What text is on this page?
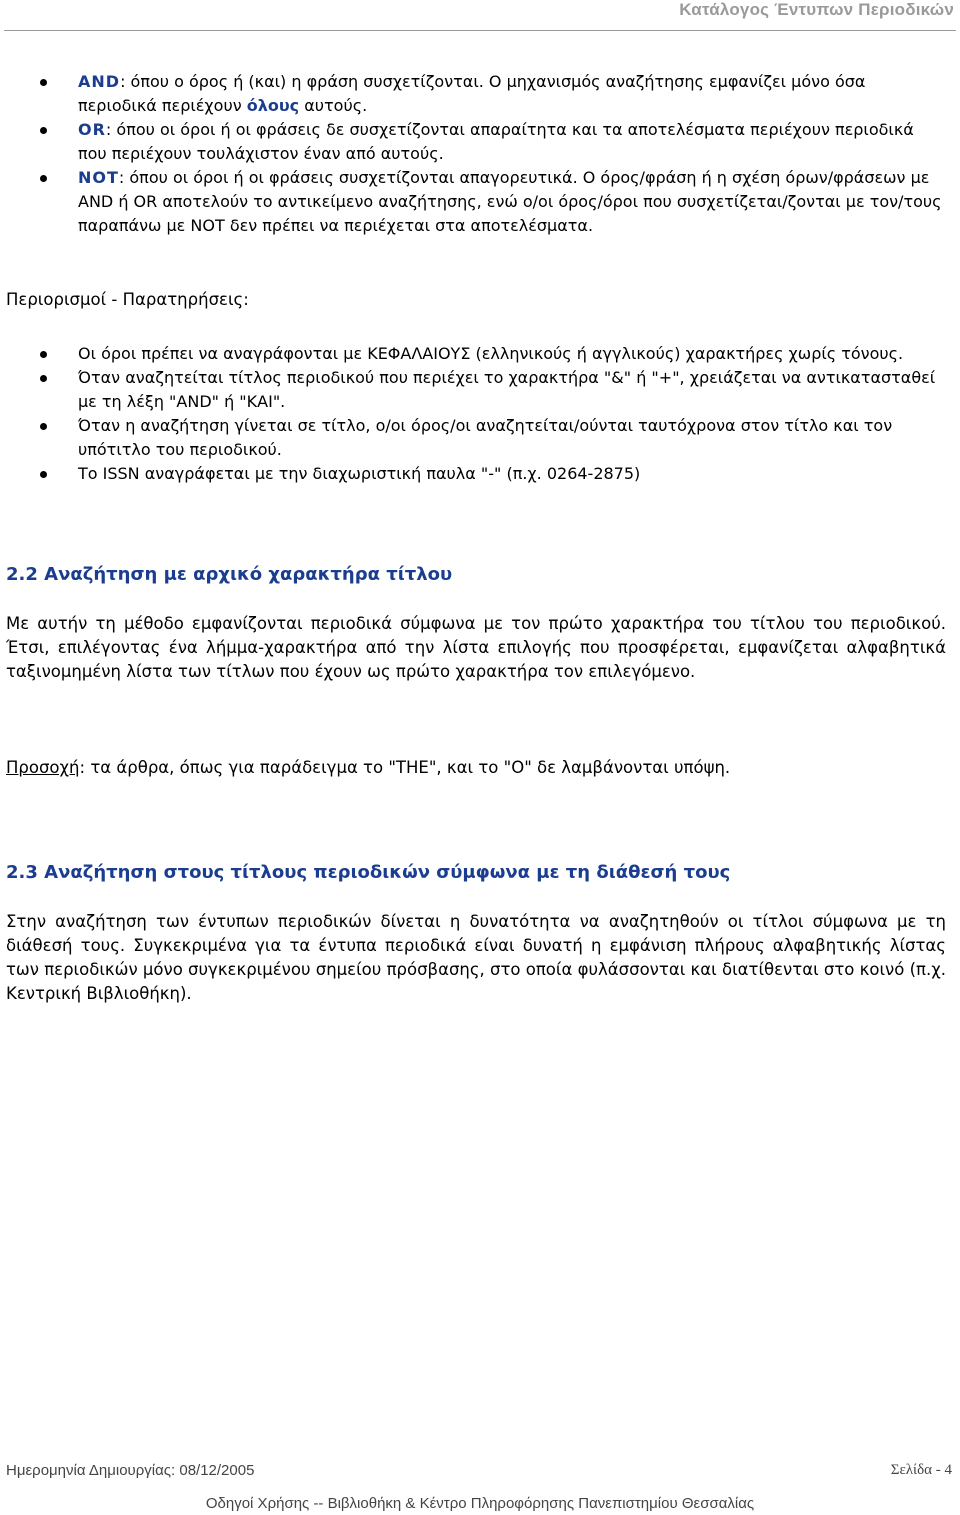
Κατάλογος Έντυπων Περιοδικών
AND: όπου ο όρος ή (και) η φράση συσχετίζονται. Ο μηχανισμός αναζήτησης εμφανίζει μόνο όσα περιοδικά περιέχουν όλους αυτούς.
OR: όπου οι όροι ή οι φράσεις δε συσχετίζονται απαραίτητα και τα αποτελέσματα περιέχουν περιοδικά που περιέχουν τουλάχιστον έναν από αυτούς.
NOT: όπου οι όροι ή οι φράσεις συσχετίζονται απαγορευτικά. Ο όρος/φράση ή η σχέση όρων/φράσεων με AND ή OR αποτελούν το αντικείμενο αναζήτησης, ενώ ο/οι όρος/όροι που συσχετίζεται/ζονται με τον/τους παραπάνω με NOT δεν πρέπει να περιέχεται στα αποτελέσματα.
Περιορισμοί - Παρατηρήσεις:
Οι όροι πρέπει να αναγράφονται με ΚΕΦΑΛΑΙΟΥΣ (ελληνικούς ή αγγλικούς) χαρακτήρες χωρίς τόνους.
Όταν αναζητείται τίτλος περιοδικού που περιέχει το χαρακτήρα "&" ή "+", χρειάζεται να αντικατασταθεί με τη λέξη "AND" ή "ΚΑΙ".
Όταν η αναζήτηση γίνεται σε τίτλο, ο/οι όρος/οι αναζητείται/ούνται ταυτόχρονα στον τίτλο και τον υπότιτλο του περιοδικού.
Το ISSN αναγράφεται με την διαχωριστική παυλα "-" (π.χ. 0264-2875)
2.2 Αναζήτηση με αρχικό χαρακτήρα τίτλου
Με αυτήν τη μέθοδο εμφανίζονται περιοδικά σύμφωνα με τον πρώτο χαρακτήρα του τίτλου του περιοδικού. Έτσι, επιλέγοντας ένα λήμμα-χαρακτήρα από την λίστα επιλογής που προσφέρεται, εμφανίζεται αλφαβητικά ταξινομημένη λίστα των τίτλων που έχουν ως πρώτο χαρακτήρα τον επιλεγόμενο.
Προσοχή: τα άρθρα, όπως για παράδειγμα το "THE", και το "O" δε λαμβάνονται υπόψη.
2.3 Αναζήτηση στους τίτλους περιοδικών σύμφωνα με τη διάθεσή τους
Στην αναζήτηση των έντυπων περιοδικών δίνεται η δυνατότητα να αναζητηθούν οι τίτλοι σύμφωνα με τη διάθεσή τους. Συγκεκριμένα για τα έντυπα περιοδικά είναι δυνατή η εμφάνιση πλήρους αλφαβητικής λίστας των περιοδικών μόνο συγκεκριμένου σημείου πρόσβασης, στο οποία φυλάσσονται και διατίθενται στο κοινό (π.χ. Κεντρική Βιβλιοθήκη).
Ημερομηνία Δημιουργίας: 08/12/2005	Σελίδα - 4
Οδηγοί Χρήσης -- Βιβλιοθήκη & Κέντρο Πληροφόρησης Πανεπιστημίου Θεσσαλίας
